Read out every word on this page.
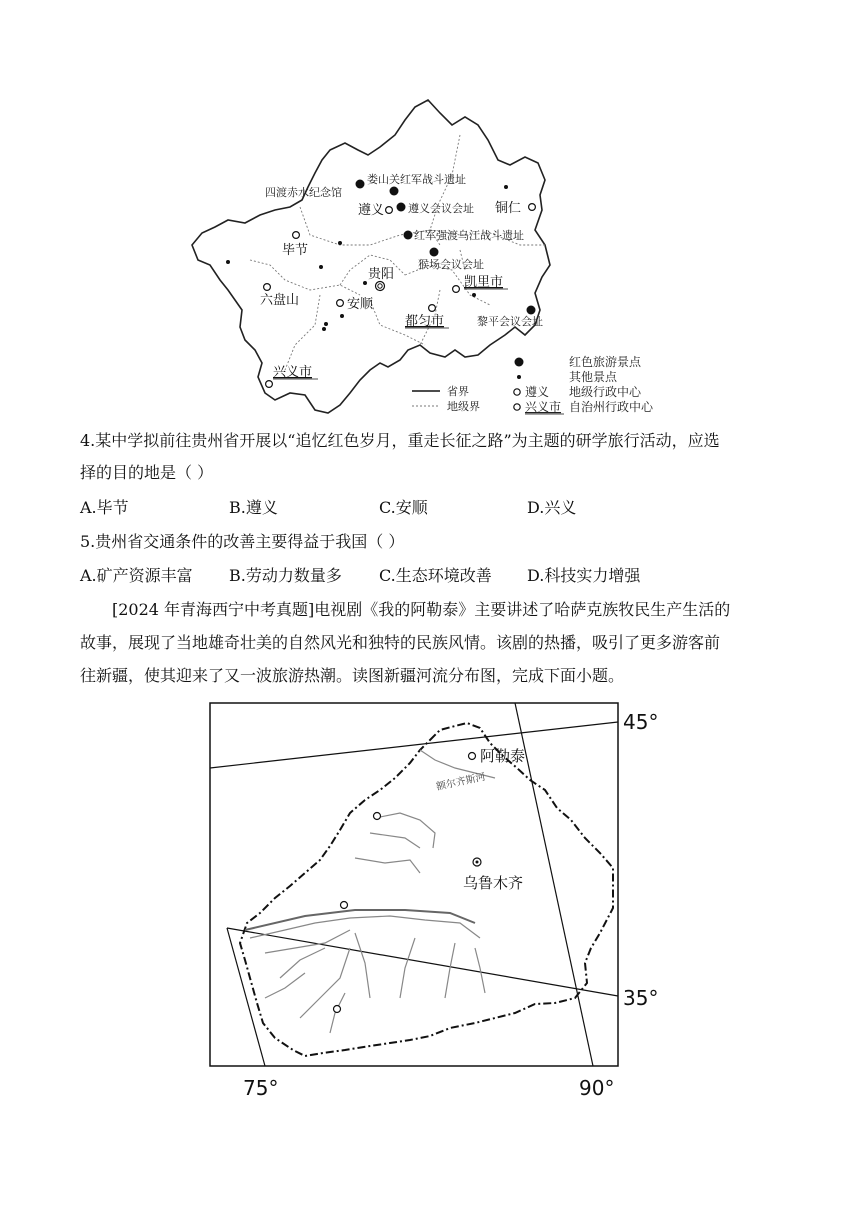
娄山关红军战斗遗址
四渡赤水纪念馆
遵义会议会址
红军强渡乌江战斗遗址
猴场会议会址
黎平会议会址
遵义	铜仁
毕节
贵阳
六盘山	安顺
凯里市
都匀市
兴义市
省界
地级界
红色旅游景点
其他景点
遵义 地级行政中心
兴义市 自治州行政中心
4.某中学拟前往贵州省开展以“追忆红色岁月，重走长征之路”为主题的研学旅行活动，应选
择的目的地是（ ）
A.毕节	B.遵义	C.安顺	D.兴义
5.贵州省交通条件的改善主要得益于我国（ ）
A.矿产资源丰富 B.劳动力数量多 C.生态环境改善 D.科技实力增强
[2024 年青海西宁中考真题]电视剧《我的阿勒泰》主要讲述了哈萨克族牧民生产生活的
故事，展现了当地雄奇壮美的自然风光和独特的民族风情。该剧的热播，吸引了更多游客前
往新疆，使其迎来了又一波旅游热潮。读图新疆河流分布图，完成下面小题。
阿勒泰
额尔齐斯河
乌鲁木齐
45°
35°
75°	90°
